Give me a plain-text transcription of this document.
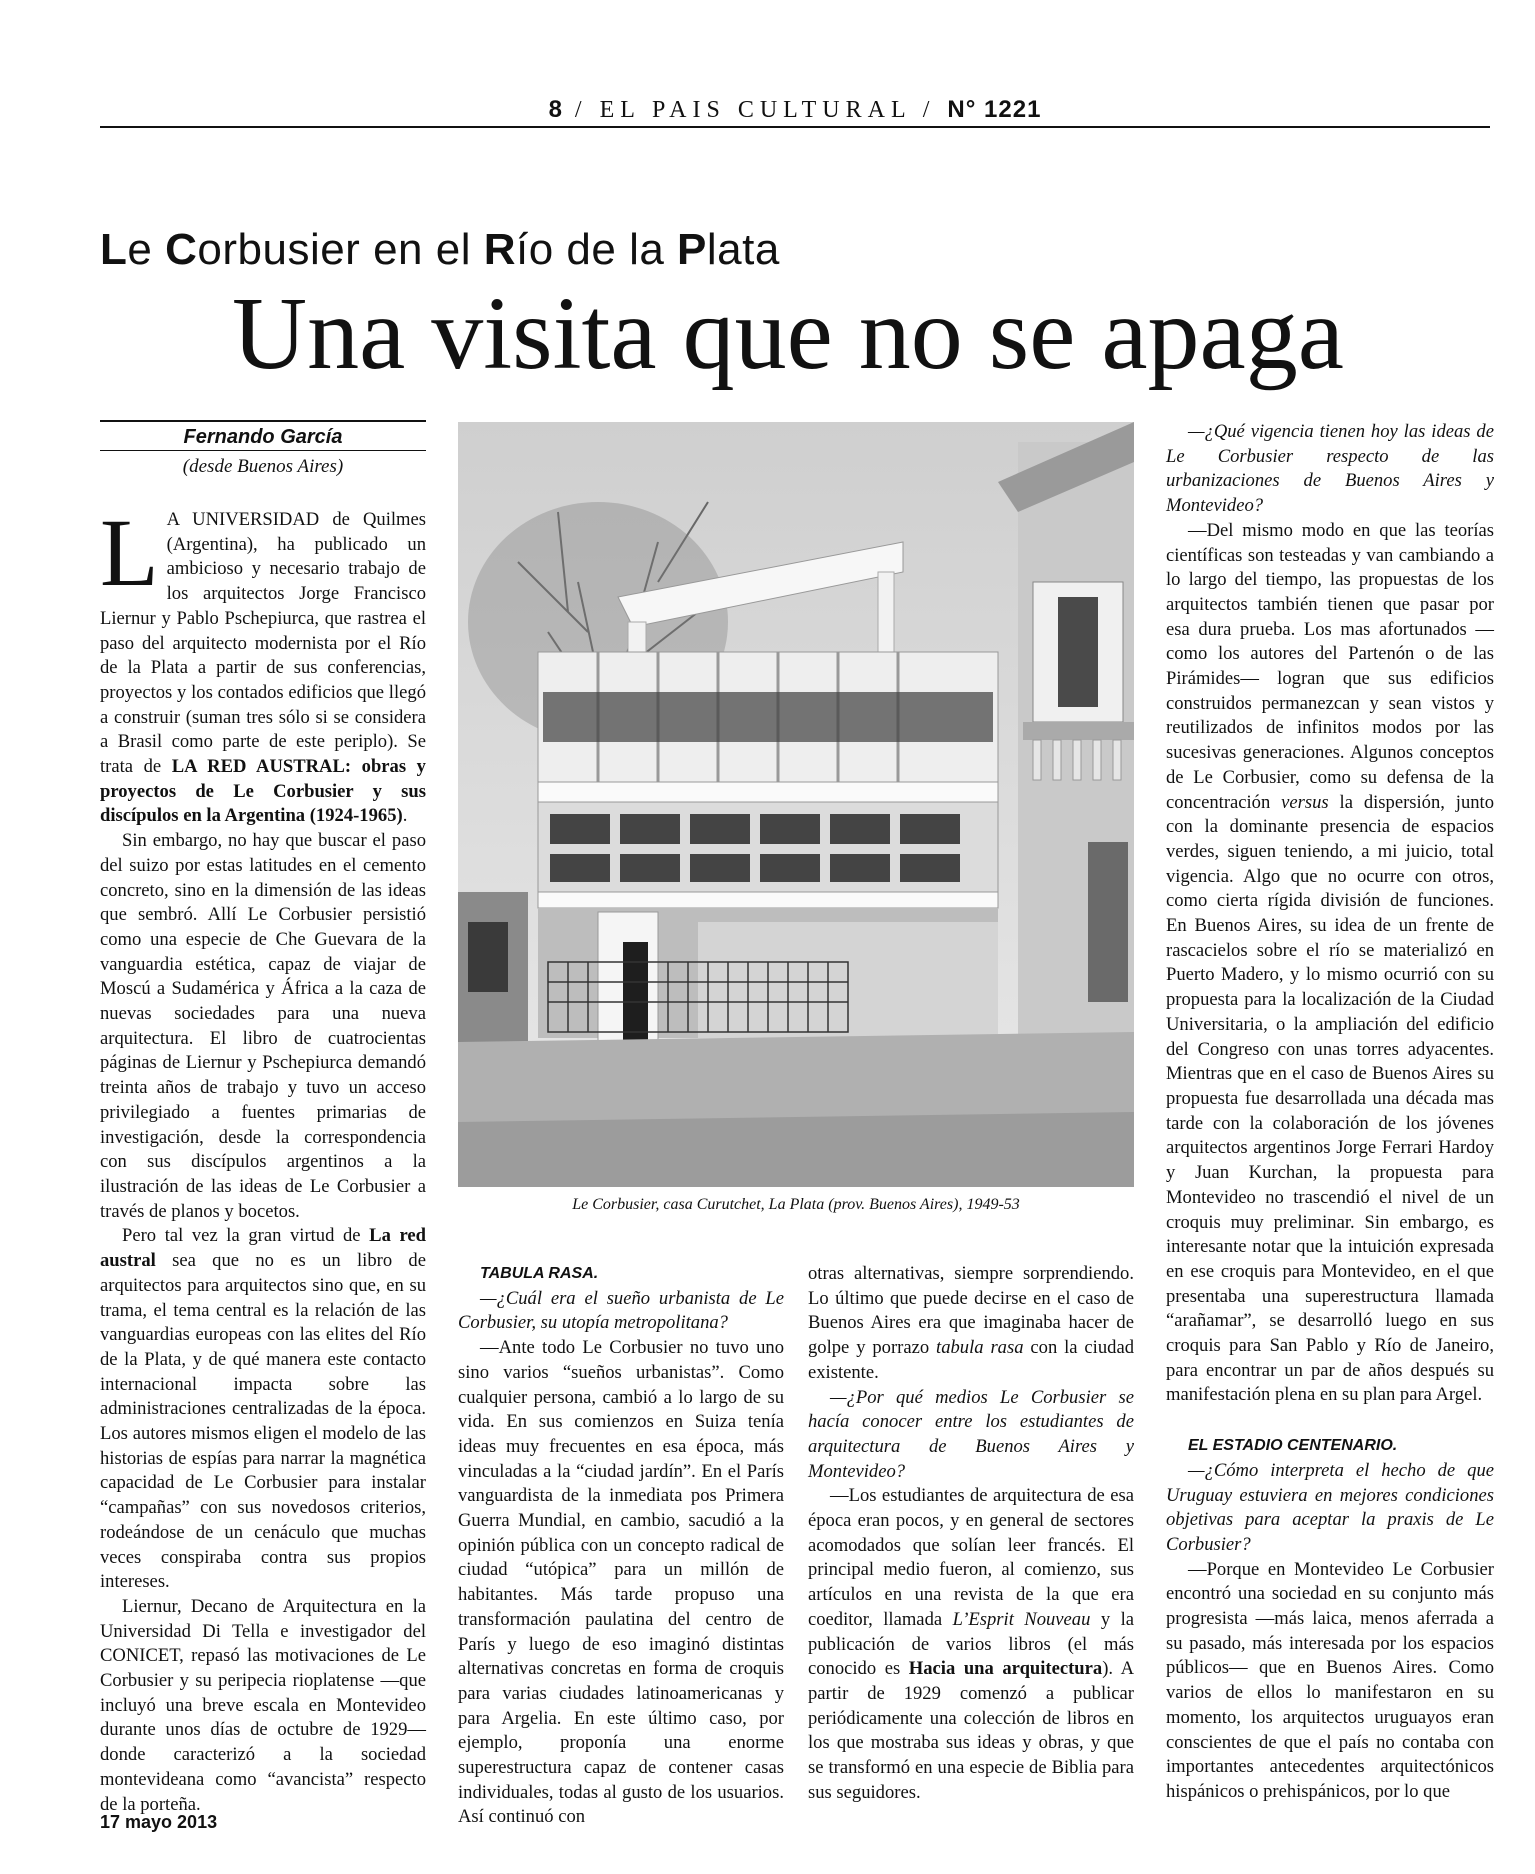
8 / EL PAIS CULTURAL / N° 1221
Le Corbusier en el Río de la Plata
Una visita que no se apaga
Fernando García
(desde Buenos Aires)

L A UNIVERSIDAD de Quilmes (Argentina), ha publicado un ambicioso y necesario trabajo de los arquitectos Jorge Francisco Liernur y Pablo Pschepiurca, que rastrea el paso del arquitecto modernista por el Río de la Plata a partir de sus conferencias, proyectos y los contados edificios que llegó a construir (suman tres sólo si se considera a Brasil como parte de este periplo). Se trata de LA RED AUSTRAL: obras y proyectos de Le Corbusier y sus discípulos en la Argentina (1924-1965).

Sin embargo, no hay que buscar el paso del suizo por estas latitudes en el cemento concreto, sino en la dimensión de las ideas que sembró. Allí Le Corbusier persistió como una especie de Che Guevara de la vanguardia estética, capaz de viajar de Moscú a Sudamérica y África a la caza de nuevas sociedades para una nueva arquitectura. El libro de cuatrocientas páginas de Liernur y Pschepiurca demandó treinta años de trabajo y tuvo un acceso privilegiado a fuentes primarias de investigación, desde la correspondencia con sus discípulos argentinos a la ilustración de las ideas de Le Corbusier a través de planos y bocetos.

Pero tal vez la gran virtud de La red austral sea que no es un libro de arquitectos para arquitectos sino que, en su trama, el tema central es la relación de las vanguardias europeas con las elites del Río de la Plata, y de qué manera este contacto internacional impacta sobre las administraciones centralizadas de la época. Los autores mismos eligen el modelo de las historias de espías para narrar la magnética capacidad de Le Corbusier para instalar “campañas” con sus novedosos criterios, rodeándose de un cenáculo que muchas veces conspiraba contra sus propios intereses.

Liernur, Decano de Arquitectura en la Universidad Di Tella e investigador del CONICET, repasó las motivaciones de Le Corbusier y su peripecia rioplatense —que incluyó una breve escala en Montevideo durante unos días de octubre de 1929— donde caracterizó a la sociedad montevideana como “avancista” respecto de la porteña.

Le Corbusier, casa Curutchet, La Plata (prov. Buenos Aires), 1949-53

TABULA RASA.

—¿Cuál era el sueño urbanista de Le Corbusier, su utopía metropolitana?

—Ante todo Le Corbusier no tuvo uno sino varios “sueños urbanistas”. Como cualquier persona, cambió a lo largo de su vida. En sus comienzos en Suiza tenía ideas muy frecuentes en esa época, más vinculadas a la “ciudad jardín”. En el París vanguardista de la inmediata pos Primera Guerra Mundial, en cambio, sacudió a la opinión pública con un concepto radical de ciudad “utópica” para un millón de habitantes. Más tarde propuso una transformación paulatina del centro de París y luego de eso imaginó distintas alternativas concretas en forma de croquis para varias ciudades latinoamericanas y para Argelia. En este último caso, por ejemplo, proponía una enorme superestructura capaz de contener casas individuales, todas al gusto de los usuarios. Así continuó con

otras alternativas, siempre sorprendiendo. Lo último que puede decirse en el caso de Buenos Aires era que imaginaba hacer de golpe y porrazo tabula rasa con la ciudad existente.

—¿Por qué medios Le Corbusier se hacía conocer entre los estudiantes de arquitectura de Buenos Aires y Montevideo?

—Los estudiantes de arquitectura de esa época eran pocos, y en general de sectores acomodados que solían leer francés. El principal medio fueron, al comienzo, sus artículos en una revista de la que era coeditor, llamada L’Esprit Nouveau y la publicación de varios libros (el más conocido es Hacia una arquitectura). A partir de 1929 comenzó a publicar periódicamente una colección de libros en los que mostraba sus ideas y obras, y que se transformó en una especie de Biblia para sus seguidores.

—¿Qué vigencia tienen hoy las ideas de Le Corbusier respecto de las urbanizaciones de Buenos Aires y Montevideo?

—Del mismo modo en que las teorías científicas son testeadas y van cambiando a lo largo del tiempo, las propuestas de los arquitectos también tienen que pasar por esa dura prueba. Los mas afortunados —como los autores del Partenón o de las Pirámides— logran que sus edificios construidos permanezcan y sean vistos y reutilizados de infinitos modos por las sucesivas generaciones. Algunos conceptos de Le Corbusier, como su defensa de la concentración versus la dispersión, junto con la dominante presencia de espacios verdes, siguen teniendo, a mi juicio, total vigencia. Algo que no ocurre con otros, como cierta rígida división de funciones. En Buenos Aires, su idea de un frente de rascacielos sobre el río se materializó en Puerto Madero, y lo mismo ocurrió con su propuesta para la localización de la Ciudad Universitaria, o la ampliación del edificio del Congreso con unas torres adyacentes. Mientras que en el caso de Buenos Aires su propuesta fue desarrollada una década mas tarde con la colaboración de los jóvenes arquitectos argentinos Jorge Ferrari Hardoy y Juan Kurchan, la propuesta para Montevideo no trascendió el nivel de un croquis muy preliminar. Sin embargo, es interesante notar que la intuición expresada en ese croquis para Montevideo, en el que presentaba una superestructura llamada “arañamar”, se desarrolló luego en sus croquis para San Pablo y Río de Janeiro, para encontrar un par de años después su manifestación plena en su plan para Argel.

EL ESTADIO CENTENARIO.

—¿Cómo interpreta el hecho de que Uruguay estuviera en mejores condiciones objetivas para aceptar la praxis de Le Corbusier?

—Porque en Montevideo Le Corbusier encontró una sociedad en su conjunto más progresista —más laica, menos aferrada a su pasado, más interesada por los espacios públicos— que en Buenos Aires. Como varios de ellos lo manifestaron en su momento, los arquitectos uruguayos eran conscientes de que el país no contaba con importantes antecedentes arquitectónicos hispánicos o prehispánicos, por lo que

17 mayo 2013
